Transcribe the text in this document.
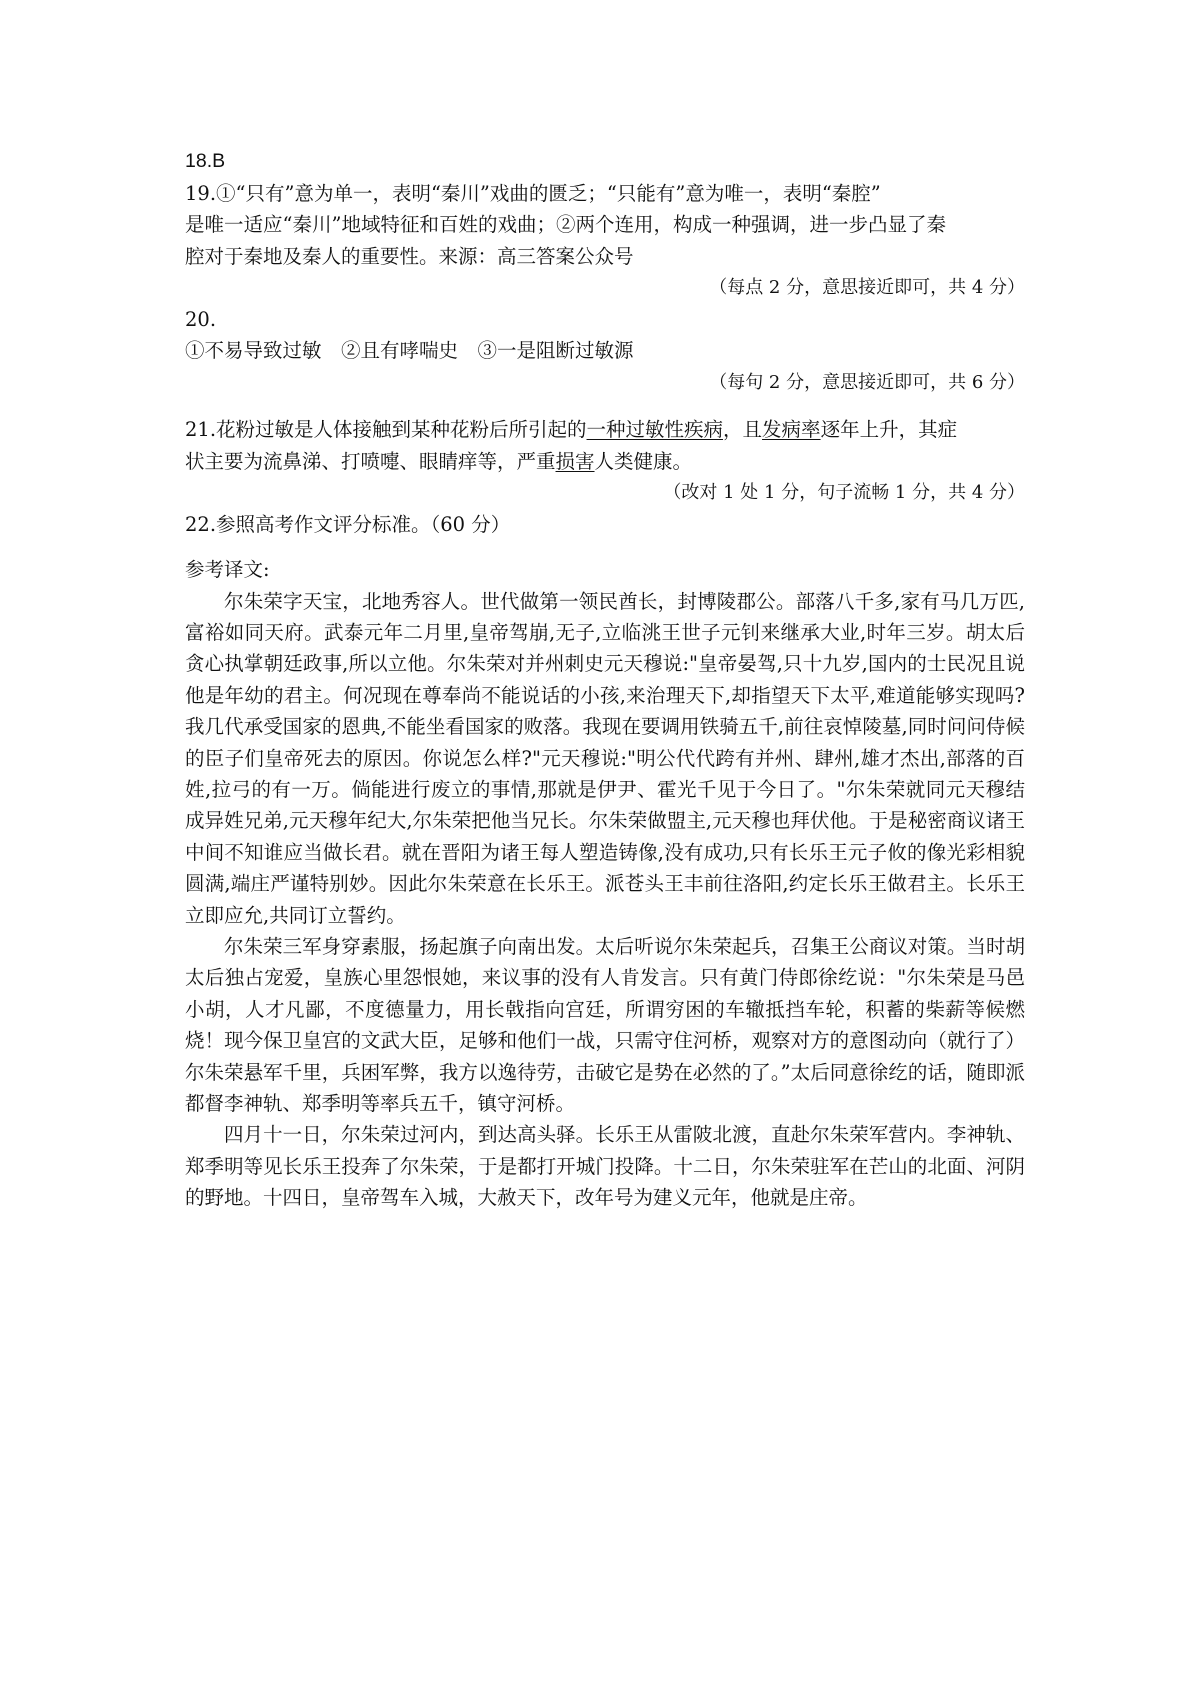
18.B
19.①“只有”意为单一，表明“秦川”戏曲的匮乏；“只能有”意为唯一，表明“秦腔”
是唯一适应“秦川”地域特征和百姓的戏曲；②两个连用，构成一种强调，进一步凸显了秦
腔对于秦地及秦人的重要性。来源：高三答案公众号
（每点 2 分，意思接近即可，共 4 分）
20.
①不易导致过敏　②且有哮喘史　③一是阻断过敏源
（每句 2 分，意思接近即可，共 6 分）
21.花粉过敏是人体接触到某种花粉后所引起的一种过敏性疾病，且发病率逐年上升，其症
状主要为流鼻涕、打喷嚏、眼睛痒等，严重损害人类健康。
（改对 1 处 1 分，句子流畅 1 分，共 4 分）
22.参照高考作文评分标准。（60 分）
参考译文:
尔朱荣字天宝，北地秀容人。世代做第一领民酋长，封博陵郡公。部落八千多,家有马几万匹,富裕如同天府。武泰元年二月里,皇帝驾崩,无子,立临洮王世子元钊来继承大业,时年三岁。胡太后贪心执掌朝廷政事,所以立他。尔朱荣对并州刺史元天穆说:"皇帝晏驾,只十九岁,国内的士民况且说他是年幼的君主。何况现在尊奉尚不能说话的小孩,来治理天下,却指望天下太平,难道能够实现吗?我几代承受国家的恩典,不能坐看国家的败落。我现在要调用铁骑五千,前往哀悼陵墓,同时问问侍候的臣子们皇帝死去的原因。你说怎么样?"元天穆说:"明公代代跨有并州、肆州,雄才杰出,部落的百姓,拉弓的有一万。倘能进行废立的事情,那就是伊尹、霍光千见于今日了。"尔朱荣就同元天穆结成异姓兄弟,元天穆年纪大,尔朱荣把他当兄长。尔朱荣做盟主,元天穆也拜伏他。于是秘密商议诸王中间不知谁应当做长君。就在晋阳为诸王每人塑造铸像,没有成功,只有长乐王元子攸的像光彩相貌圆满,端庄严谨特别妙。因此尔朱荣意在长乐王。派苍头王丰前往洛阳,约定长乐王做君主。长乐王立即应允,共同订立誓约。
尔朱荣三军身穿素服，扬起旗子向南出发。太后听说尔朱荣起兵，召集王公商议对策。当时胡太后独占宠爱，皇族心里怨恨她，来议事的没有人肯发言。只有黄门侍郎徐纥说："尔朱荣是马邑小胡，人才凡鄙，不度德量力，用长戟指向宫廷，所谓穷困的车辙抵挡车轮，积蓄的柴薪等候燃烧！现今保卫皇宫的文武大臣，足够和他们一战，只需守住河桥，观察对方的意图动向（就行了）尔朱荣悬军千里，兵困军弊，我方以逸待劳，击破它是势在必然的了。”太后同意徐纥的话，随即派都督李神轨、郑季明等率兵五千，镇守河桥。
四月十一日，尔朱荣过河内，到达高头驿。长乐王从雷陂北渡，直赴尔朱荣军营内。李神轨、郑季明等见长乐王投奔了尔朱荣，于是都打开城门投降。十二日，尔朱荣驻军在芒山的北面、河阴的野地。十四日，皇帝驾车入城，大赦天下，改年号为建义元年，他就是庄帝。
